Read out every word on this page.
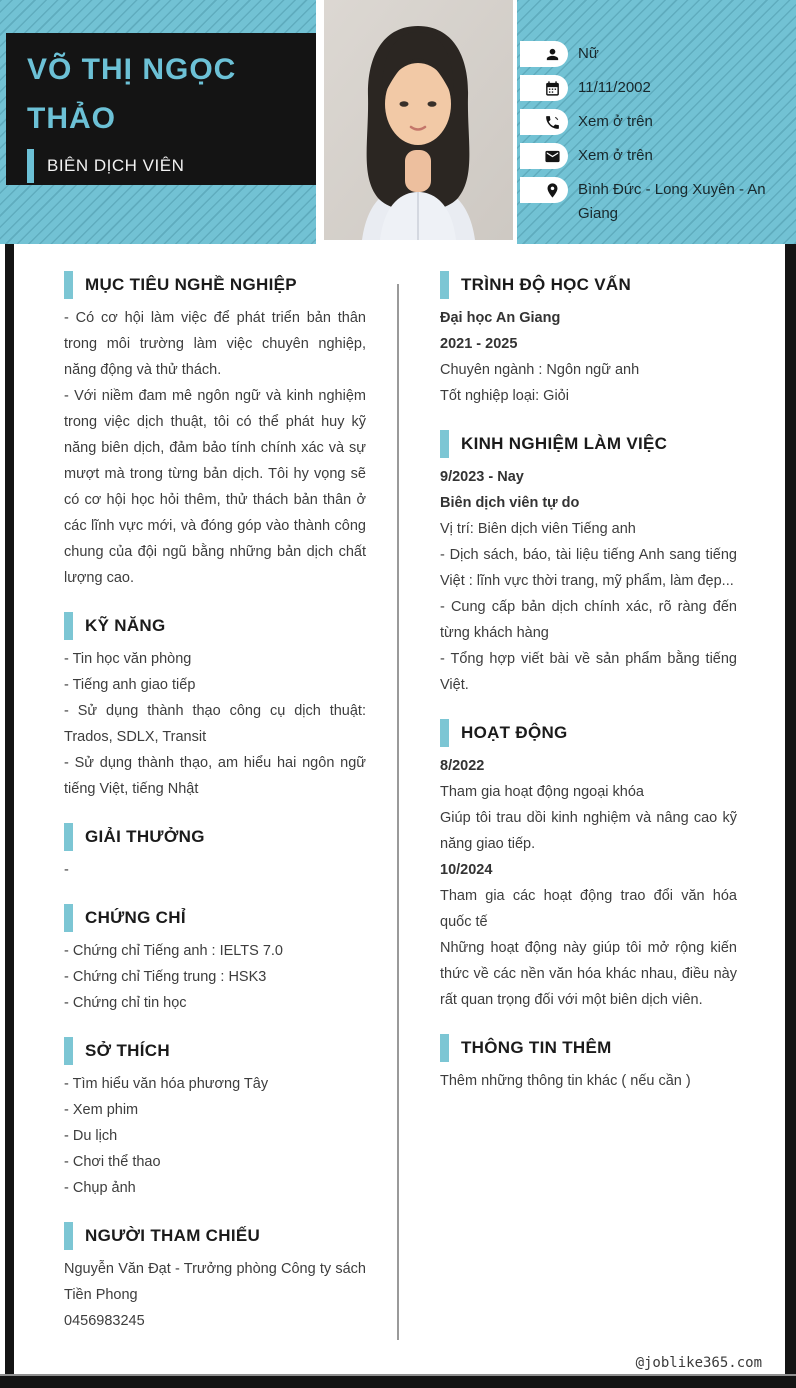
VÕ THỊ NGỌC THẢO
BIÊN DỊCH VIÊN
Nữ
11/11/2002
Xem ở trên
Xem ở trên
Bình Đức - Long Xuyên - An Giang
MỤC TIÊU NGHỀ NGHIỆP

- Có cơ hội làm việc để phát triển bản thân trong môi trường làm việc chuyên nghiệp, năng động và thử thách.

- Với niềm đam mê ngôn ngữ và kinh nghiệm trong việc dịch thuật, tôi có thể phát huy kỹ năng biên dịch, đảm bảo tính chính xác và sự mượt mà trong từng bản dịch. Tôi hy vọng sẽ có cơ hội học hỏi thêm, thử thách bản thân ở các lĩnh vực mới, và đóng góp vào thành công chung của đội ngũ bằng những bản dịch chất lượng cao.

KỸ NĂNG

- Tin học văn phòng

- Tiếng anh giao tiếp

- Sử dụng thành thạo công cụ dịch thuật: Trados, SDLX, Transit

- Sử dụng thành thạo, am hiểu hai ngôn ngữ tiếng Việt, tiếng Nhật

GIẢI THƯỞNG

-

CHỨNG CHỈ

- Chứng chỉ Tiếng anh : IELTS 7.0

- Chứng chỉ Tiếng trung : HSK3

- Chứng chỉ tin học

SỞ THÍCH

- Tìm hiểu văn hóa phương Tây

- Xem phim

- Du lịch

- Chơi thể thao

- Chụp ảnh

NGƯỜI THAM CHIẾU

Nguyễn Văn Đạt - Trưởng phòng Công ty sách Tiền Phong

0456983245

TRÌNH ĐỘ HỌC VẤN

Đại học An Giang

2021 - 2025

Chuyên ngành : Ngôn ngữ anh

Tốt nghiệp loại: Giỏi

KINH NGHIỆM LÀM VIỆC

9/2023 - Nay

Biên dịch viên tự do

Vị trí: Biên dịch viên Tiếng anh

- Dịch sách, báo, tài liệu tiếng Anh sang tiếng Việt : lĩnh vực thời trang, mỹ phẩm, làm đẹp...

- Cung cấp bản dịch chính xác, rõ ràng đến từng khách hàng

- Tổng hợp viết bài về sản phẩm bằng tiếng Việt.

HOẠT ĐỘNG

8/2022

Tham gia hoạt động ngoại khóa

Giúp tôi trau dồi kinh nghiệm và nâng cao kỹ năng giao tiếp.

10/2024

Tham gia các hoạt động trao đổi văn hóa quốc tế

Những hoạt động này giúp tôi mở rộng kiến thức về các nền văn hóa khác nhau, điều này rất quan trọng đối với một biên dịch viên.

THÔNG TIN THÊM

Thêm những thông tin khác ( nếu cần )

@joblike365.com
